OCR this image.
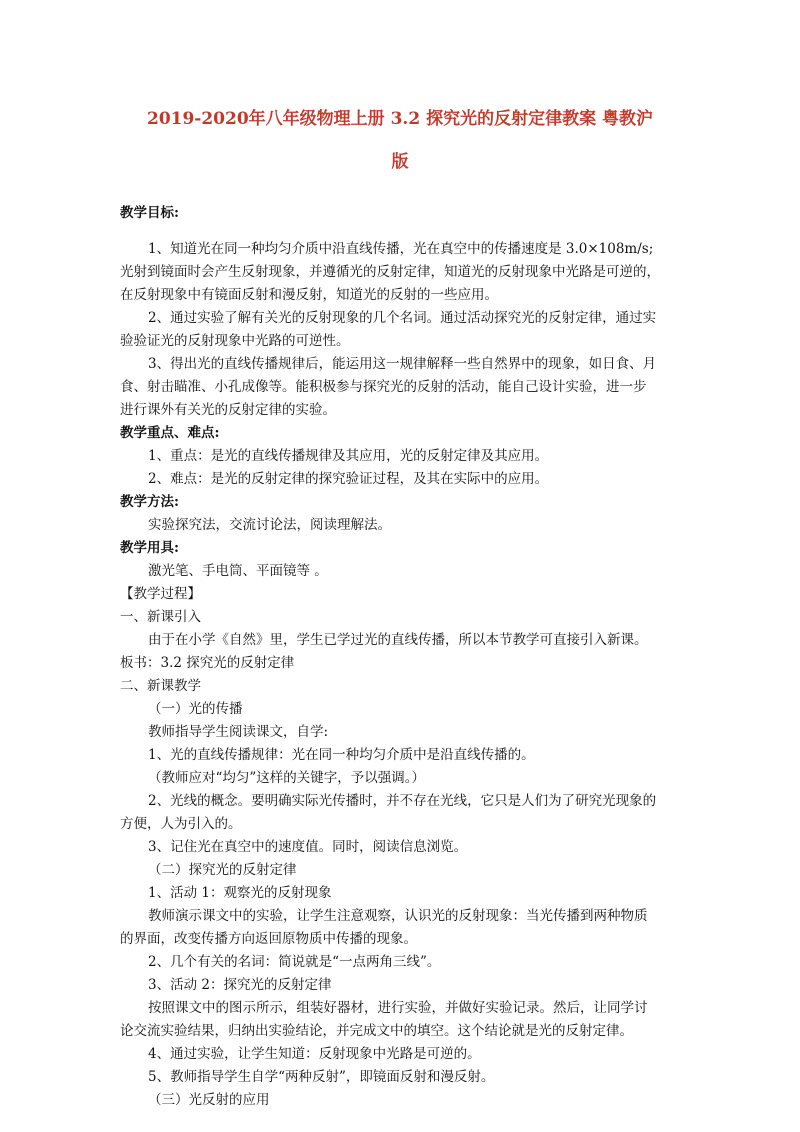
2019-2020年八年级物理上册 3.2 探究光的反射定律教案 粤教沪
版
教学目标:
1、知道光在同一种均匀介质中沿直线传播，光在真空中的传播速度是 3.0×108m/s;
光射到镜面时会产生反射现象，并遵循光的反射定律，知道光的反射现象中光路是可逆的，
在反射现象中有镜面反射和漫反射，知道光的反射的一些应用。
2、通过实验了解有关光的反射现象的几个名词。通过活动探究光的反射定律，通过实
验验证光的反射现象中光路的可逆性。
3、得出光的直线传播规律后，能运用这一规律解释一些自然界中的现象，如日食、月
食、射击瞄准、小孔成像等。能积极参与探究光的反射的活动，能自己设计实验，进一步
进行课外有关光的反射定律的实验。
教学重点、难点:
1、重点：是光的直线传播规律及其应用，光的反射定律及其应用。
2、难点：是光的反射定律的探究验证过程，及其在实际中的应用。
教学方法:
实验探究法，交流讨论法，阅读理解法。
教学用具:
激光笔、手电筒、平面镜等 。
【教学过程】
一、新课引入
由于在小学《自然》里，学生已学过光的直线传播，所以本节教学可直接引入新课。
板书：3.2 探究光的反射定律
二、新课教学
（一）光的传播
教师指导学生阅读课文，自学:
1、光的直线传播规律：光在同一种均匀介质中是沿直线传播的。
（教师应对“均匀”这样的关键字，予以强调。）
2、光线的概念。要明确实际光传播时，并不存在光线，它只是人们为了研究光现象的
方便，人为引入的。
3、记住光在真空中的速度值。同时，阅读信息浏览。
（二）探究光的反射定律
1、活动 1：观察光的反射现象
教师演示课文中的实验，让学生注意观察，认识光的反射现象：当光传播到两种物质
的界面，改变传播方向返回原物质中传播的现象。
2、几个有关的名词：简说就是“一点两角三线”。
3、活动 2：探究光的反射定律
按照课文中的图示所示，组装好器材，进行实验，并做好实验记录。然后，让同学讨
论交流实验结果，归纳出实验结论，并完成文中的填空。这个结论就是光的反射定律。
4、通过实验，让学生知道：反射现象中光路是可逆的。
5、教师指导学生自学“两种反射”，即镜面反射和漫反射。
（三）光反射的应用
